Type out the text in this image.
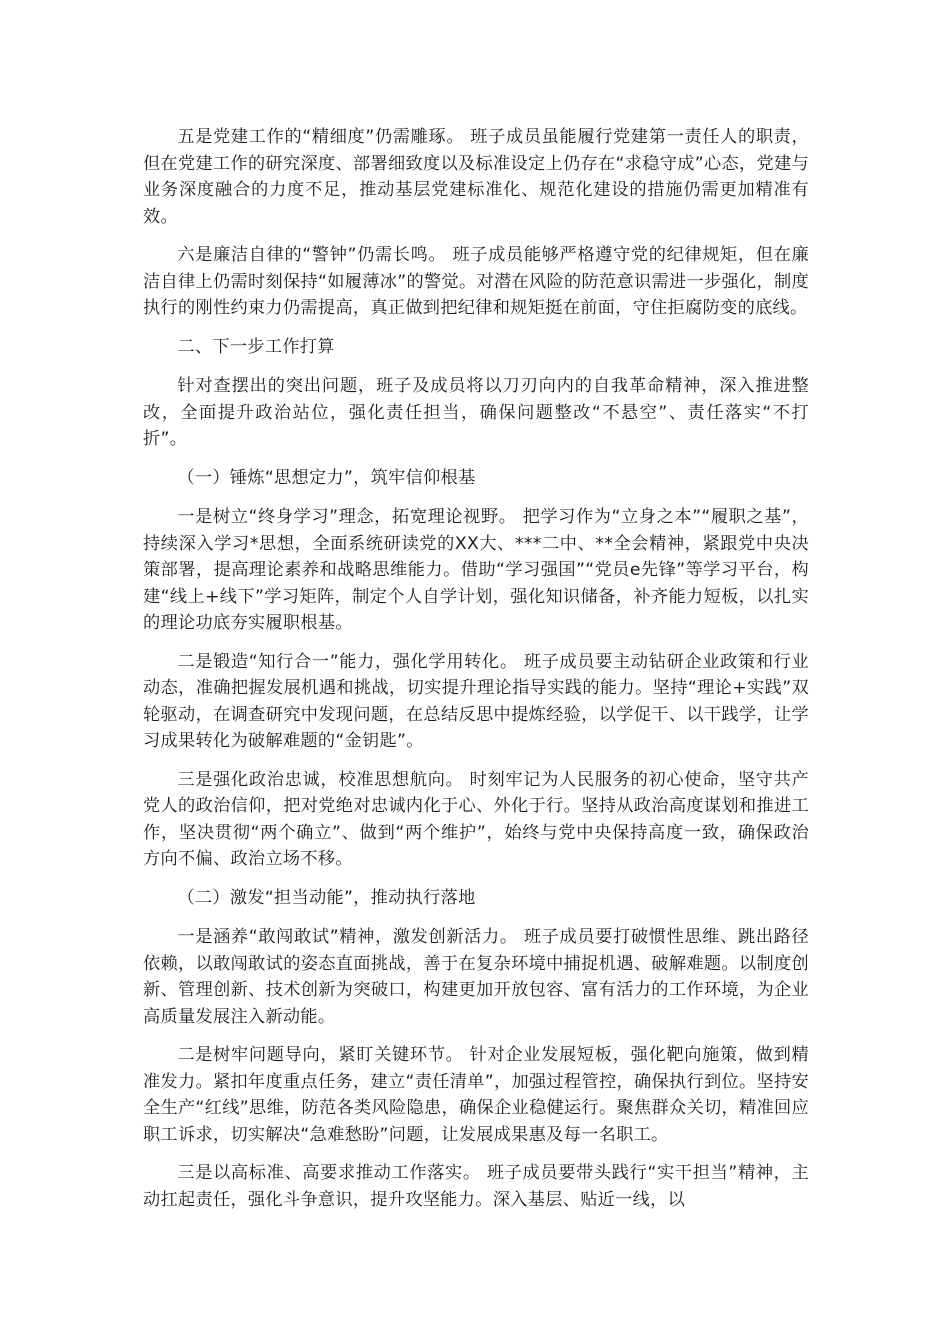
五是党建工作的“精细度”仍需雕琢。 班子成员虽能履行党建第一责任人的职责，但在党建工作的研究深度、部署细致度以及标准设定上仍存在“求稳守成”心态，党建与业务深度融合的力度不足，推动基层党建标准化、规范化建设的措施仍需更加精准有效。

六是廉洁自律的“警钟”仍需长鸣。 班子成员能够严格遵守党的纪律规矩，但在廉洁自律上仍需时刻保持“如履薄冰”的警觉。对潜在风险的防范意识需进一步强化，制度执行的刚性约束力仍需提高，真正做到把纪律和规矩挺在前面，守住拒腐防变的底线。

二、下一步工作打算

针对查摆出的突出问题，班子及成员将以刀刃向内的自我革命精神，深入推进整改，全面提升政治站位，强化责任担当，确保问题整改“不悬空”、责任落实“不打折”。

（一）锤炼“思想定力”，筑牢信仰根基

一是树立“终身学习”理念，拓宽理论视野。 把学习作为“立身之本”“履职之基”，持续深入学习*思想，全面系统研读党的XX大、***二中、**全会精神，紧跟党中央决策部署，提高理论素养和战略思维能力。借助“学习强国”“党员e先锋”等学习平台，构建“线上+线下”学习矩阵，制定个人自学计划，强化知识储备，补齐能力短板，以扎实的理论功底夯实履职根基。

二是锻造“知行合一”能力，强化学用转化。 班子成员要主动钻研企业政策和行业动态，准确把握发展机遇和挑战，切实提升理论指导实践的能力。坚持“理论+实践”双轮驱动，在调查研究中发现问题，在总结反思中提炼经验，以学促干、以干践学，让学习成果转化为破解难题的“金钥匙”。

三是强化政治忠诚，校准思想航向。 时刻牢记为人民服务的初心使命，坚守共产党人的政治信仰，把对党绝对忠诚内化于心、外化于行。坚持从政治高度谋划和推进工作，坚决贯彻“两个确立”、做到“两个维护”，始终与党中央保持高度一致，确保政治方向不偏、政治立场不移。

（二）激发“担当动能”，推动执行落地

一是涵养“敢闯敢试”精神，激发创新活力。 班子成员要打破惯性思维、跳出路径依赖，以敢闯敢试的姿态直面挑战，善于在复杂环境中捕捉机遇、破解难题。以制度创新、管理创新、技术创新为突破口，构建更加开放包容、富有活力的工作环境，为企业高质量发展注入新动能。

二是树牢问题导向，紧盯关键环节。 针对企业发展短板，强化靶向施策，做到精准发力。紧扣年度重点任务，建立“责任清单”，加强过程管控，确保执行到位。坚持安全生产“红线”思维，防范各类风险隐患，确保企业稳健运行。聚焦群众关切，精准回应职工诉求，切实解决“急难愁盼”问题，让发展成果惠及每一名职工。

三是以高标准、高要求推动工作落实。 班子成员要带头践行“实干担当”精神，主动扛起责任，强化斗争意识，提升攻坚能力。深入基层、贴近一线，以
